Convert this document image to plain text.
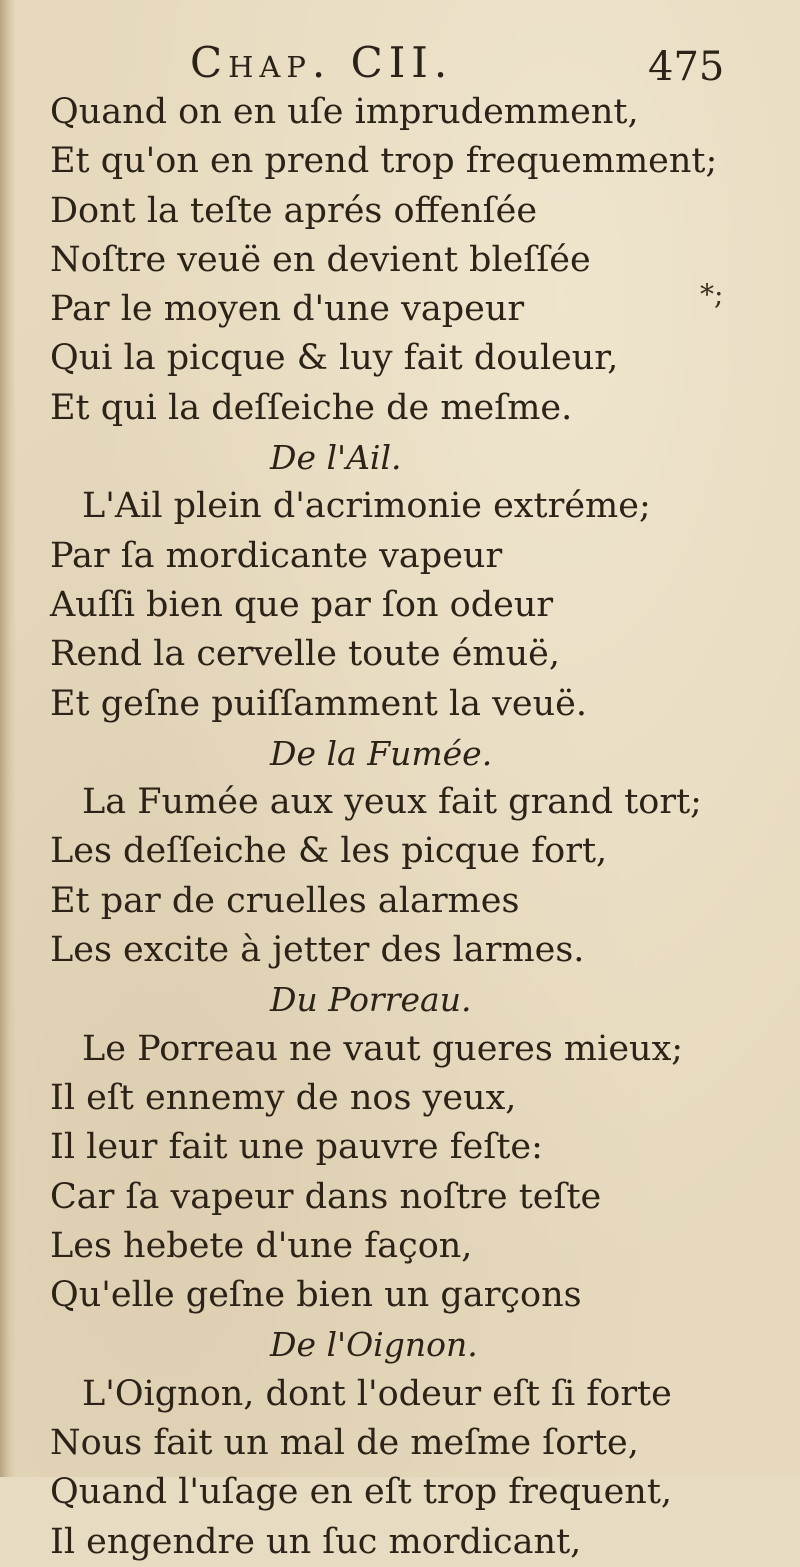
Chap. CII.	475
*;
Quand on en uſe imprudemment,
Et qu'on en prend trop frequemment;
Dont la teſte aprés offenſée
Noſtre veuë en devient bleſſée
Par le moyen d'une vapeur
Qui la picque & luy fait douleur,
Et qui la deſſeiche de meſme.
De l'Ail.
L'Ail plein d'acrimonie extréme;
Par ſa mordicante vapeur
Auſſi bien que par ſon odeur
Rend la cervelle toute émuë,
Et geſne puiſſamment la veuë.
De la Fumée.
La Fumée aux yeux fait grand tort;
Les deſſeiche & les picque fort,
Et par de cruelles alarmes
Les excite à jetter des larmes.
Du Porreau.
Le Porreau ne vaut gueres mieux;
Il eſt ennemy de nos yeux,
Il leur fait une pauvre feſte:
Car ſa vapeur dans noſtre teſte
Les hebete d'une façon,
Qu'elle geſne bien un garçons
De l'Oignon.
L'Oignon, dont l'odeur eſt ſi forte
Nous fait un mal de meſme ſorte,
Quand l'uſage en eſt trop frequent,
Il engendre un ſuc mordicant,
